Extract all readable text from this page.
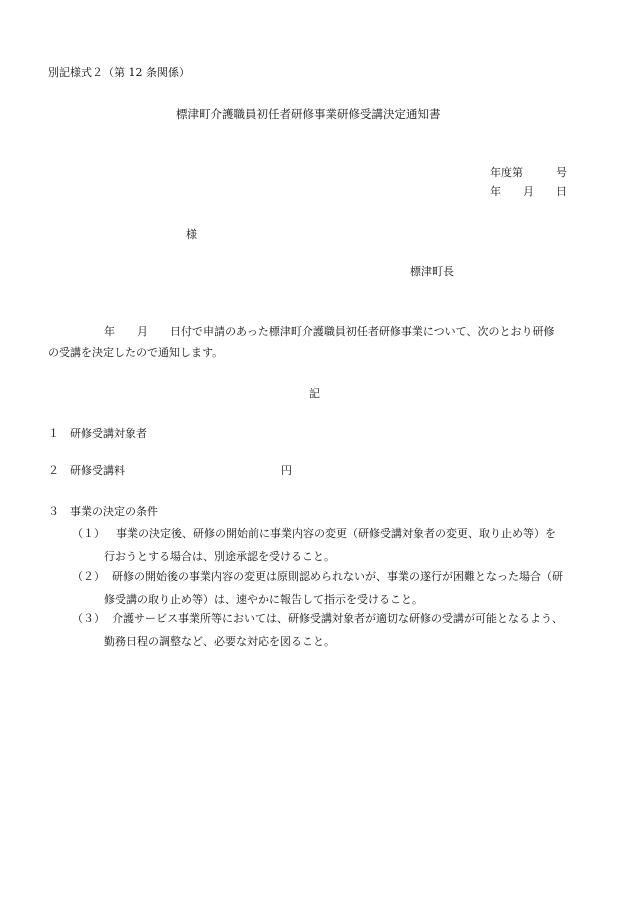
別記様式２（第 12 条関係）
標津町介護職員初任者研修事業研修受講決定通知書
年度第　　　号
年　　月　　日
様
標津町長
年　　月　　日付で申請のあった標津町介護職員初任者研修事業について、次のとおり研修
の受講を決定したので通知します。
記
１ 研修受講対象者
２ 研修受講料	円
３ 事業の決定の条件
（１） 事業の決定後、研修の開始前に事業内容の変更（研修受講対象者の変更、取り止め等）を
行おうとする場合は、別途承認を受けること。
（２） 研修の開始後の事業内容の変更は原則認められないが、事業の遂行が困難となった場合（研
修受講の取り止め等）は、速やかに報告して指示を受けること。
（３） 介護サービス事業所等においては、研修受講対象者が適切な研修の受講が可能となるよう、
勤務日程の調整など、必要な対応を図ること。
